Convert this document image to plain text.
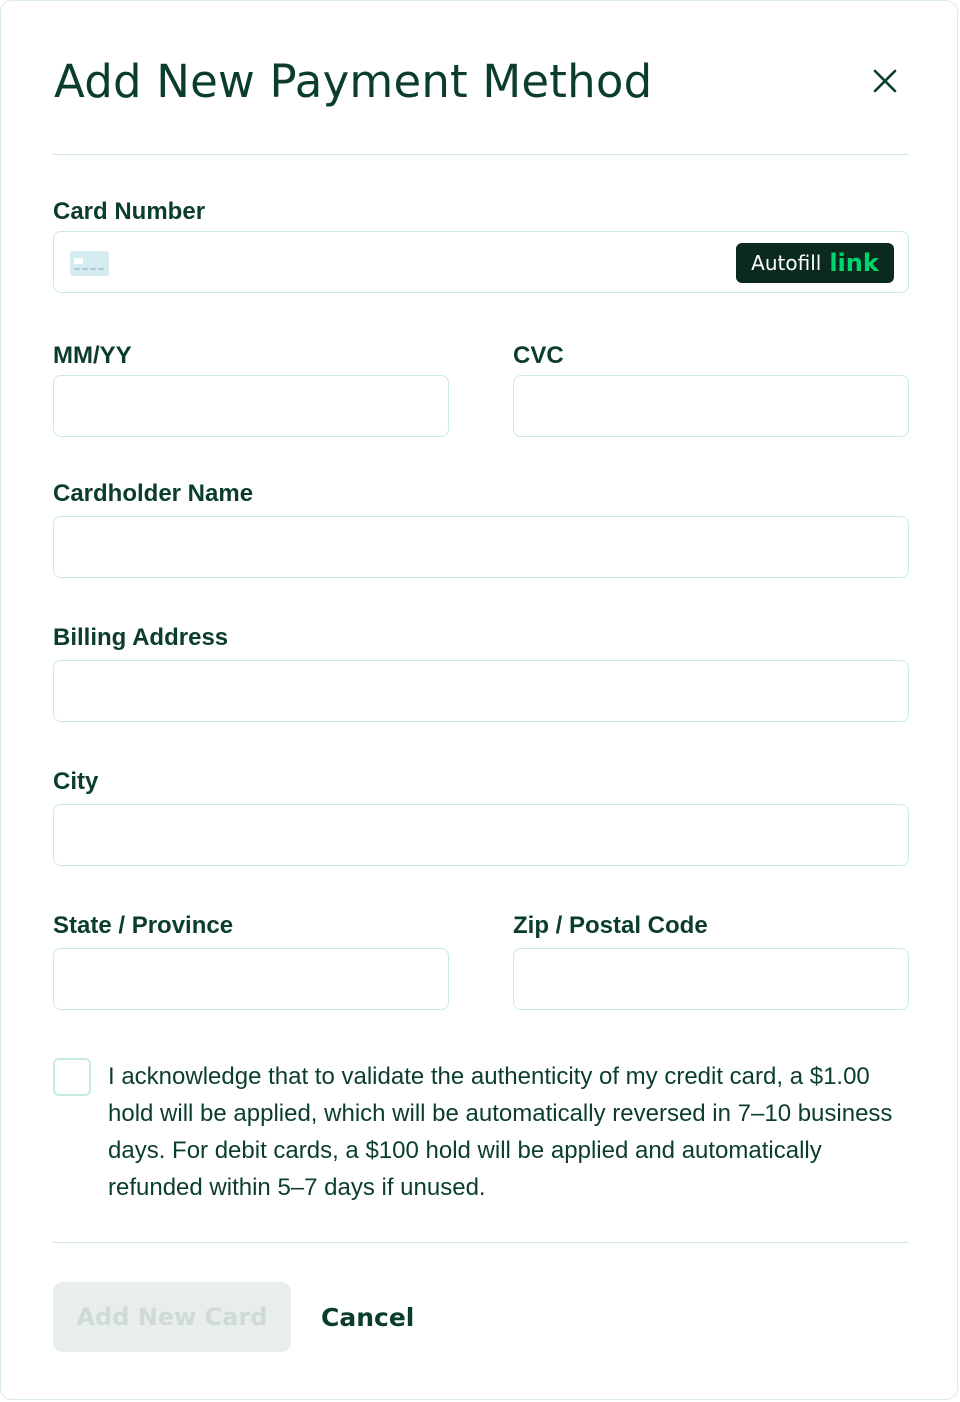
Add New Payment Method
Card Number
Autofill link
MM/YY	CVC
Cardholder Name
Billing Address
City
State / Province	Zip / Postal Code
I acknowledge that to validate the authenticity of my credit card, a $1.00 hold will be applied, which will be automatically reversed in 7–10 business days. For debit cards, a $100 hold will be applied and automatically refunded within 5–7 days if unused.
Add New Card	Cancel
